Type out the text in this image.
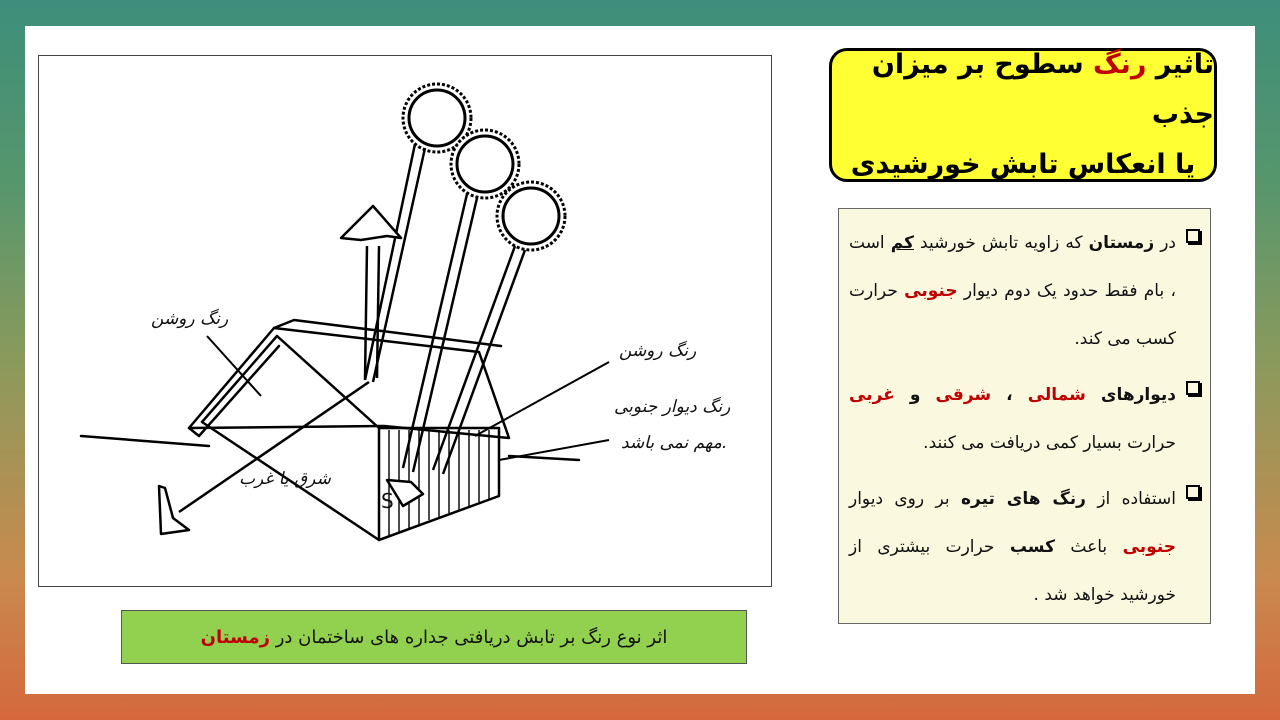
رنگ روشن
رنگ روشن
رنگ دیوار جنوبی
مهم نمی باشد.
شرق یا غرب
S
اثر نوع رنگ بر تابش دریافتی جداره های ساختمان در

زمستان
تاثیر رنگ سطوح بر میزان جذب
یا انعکاس تابش خورشیدی
در زمستان که زاویه تابش خورشید کم است ، بام فقط حدود یک دوم دیوار جنوبی حرارت کسب می کند.
دیوارهای شمالی ، شرقی و غربی حرارت بسیار کمی دریافت می کنند.
استفاده از رنگ های تیره بر روی دیوار جنوبی باعث کسب حرارت بیشتری از خورشید خواهد شد .
